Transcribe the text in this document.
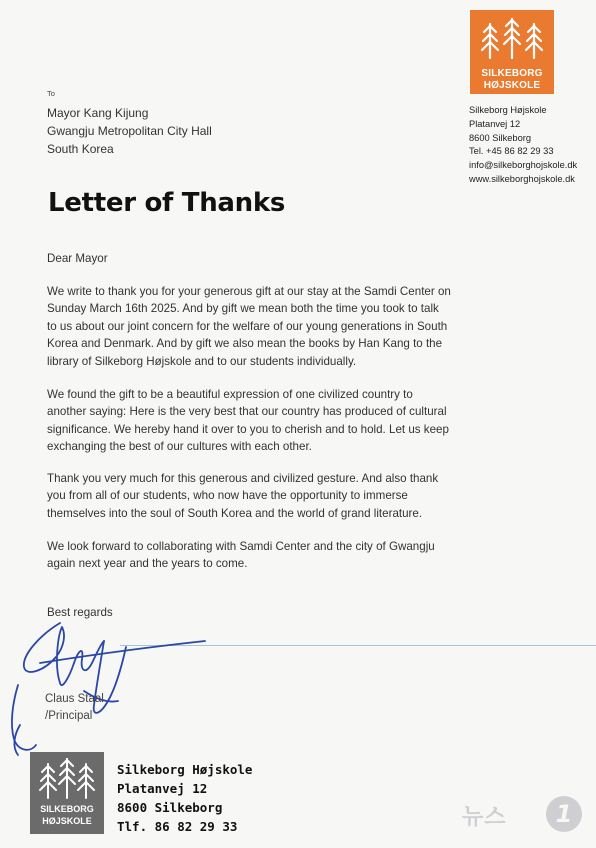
SILKEBORG
HØJSKOLE
Silkeborg Højskole
Platanvej 12
8600 Silkeborg
Tel. +45 86 82 29 33
info@silkeborghojskole.dk
www.silkeborghojskole.dk
To
Mayor Kang Kijung
Gwangju Metropolitan City Hall
South Korea
Letter of Thanks
Dear Mayor
We write to thank you for your generous gift at our stay at the Samdi Center on
Sunday March 16th 2025. And by gift we mean both the time you took to talk
to us about our joint concern for the welfare of our young generations in South
Korea and Denmark. And by gift we also mean the books by Han Kang to the
library of Silkeborg Højskole and to our students individually.
We found the gift to be a beautiful expression of one civilized country to
another saying: Here is the very best that our country has produced of cultural
significance. We hereby hand it over to you to cherish and to hold. Let us keep
exchanging the best of our cultures with each other.
Thank you very much for this generous and civilized gesture. And also thank
you from all of our students, who now have the opportunity to immerse
themselves into the soul of South Korea and the world of grand literature.
We look forward to collaborating with Samdi Center and the city of Gwangju
again next year and the years to come.
Best regards
Claus Staal
/Principal
SILKEBORG
HØJSKOLE
Silkeborg Højskole
Platanvej 12
8600 Silkeborg
Tlf. 86 82 29 33	뉴스	1
